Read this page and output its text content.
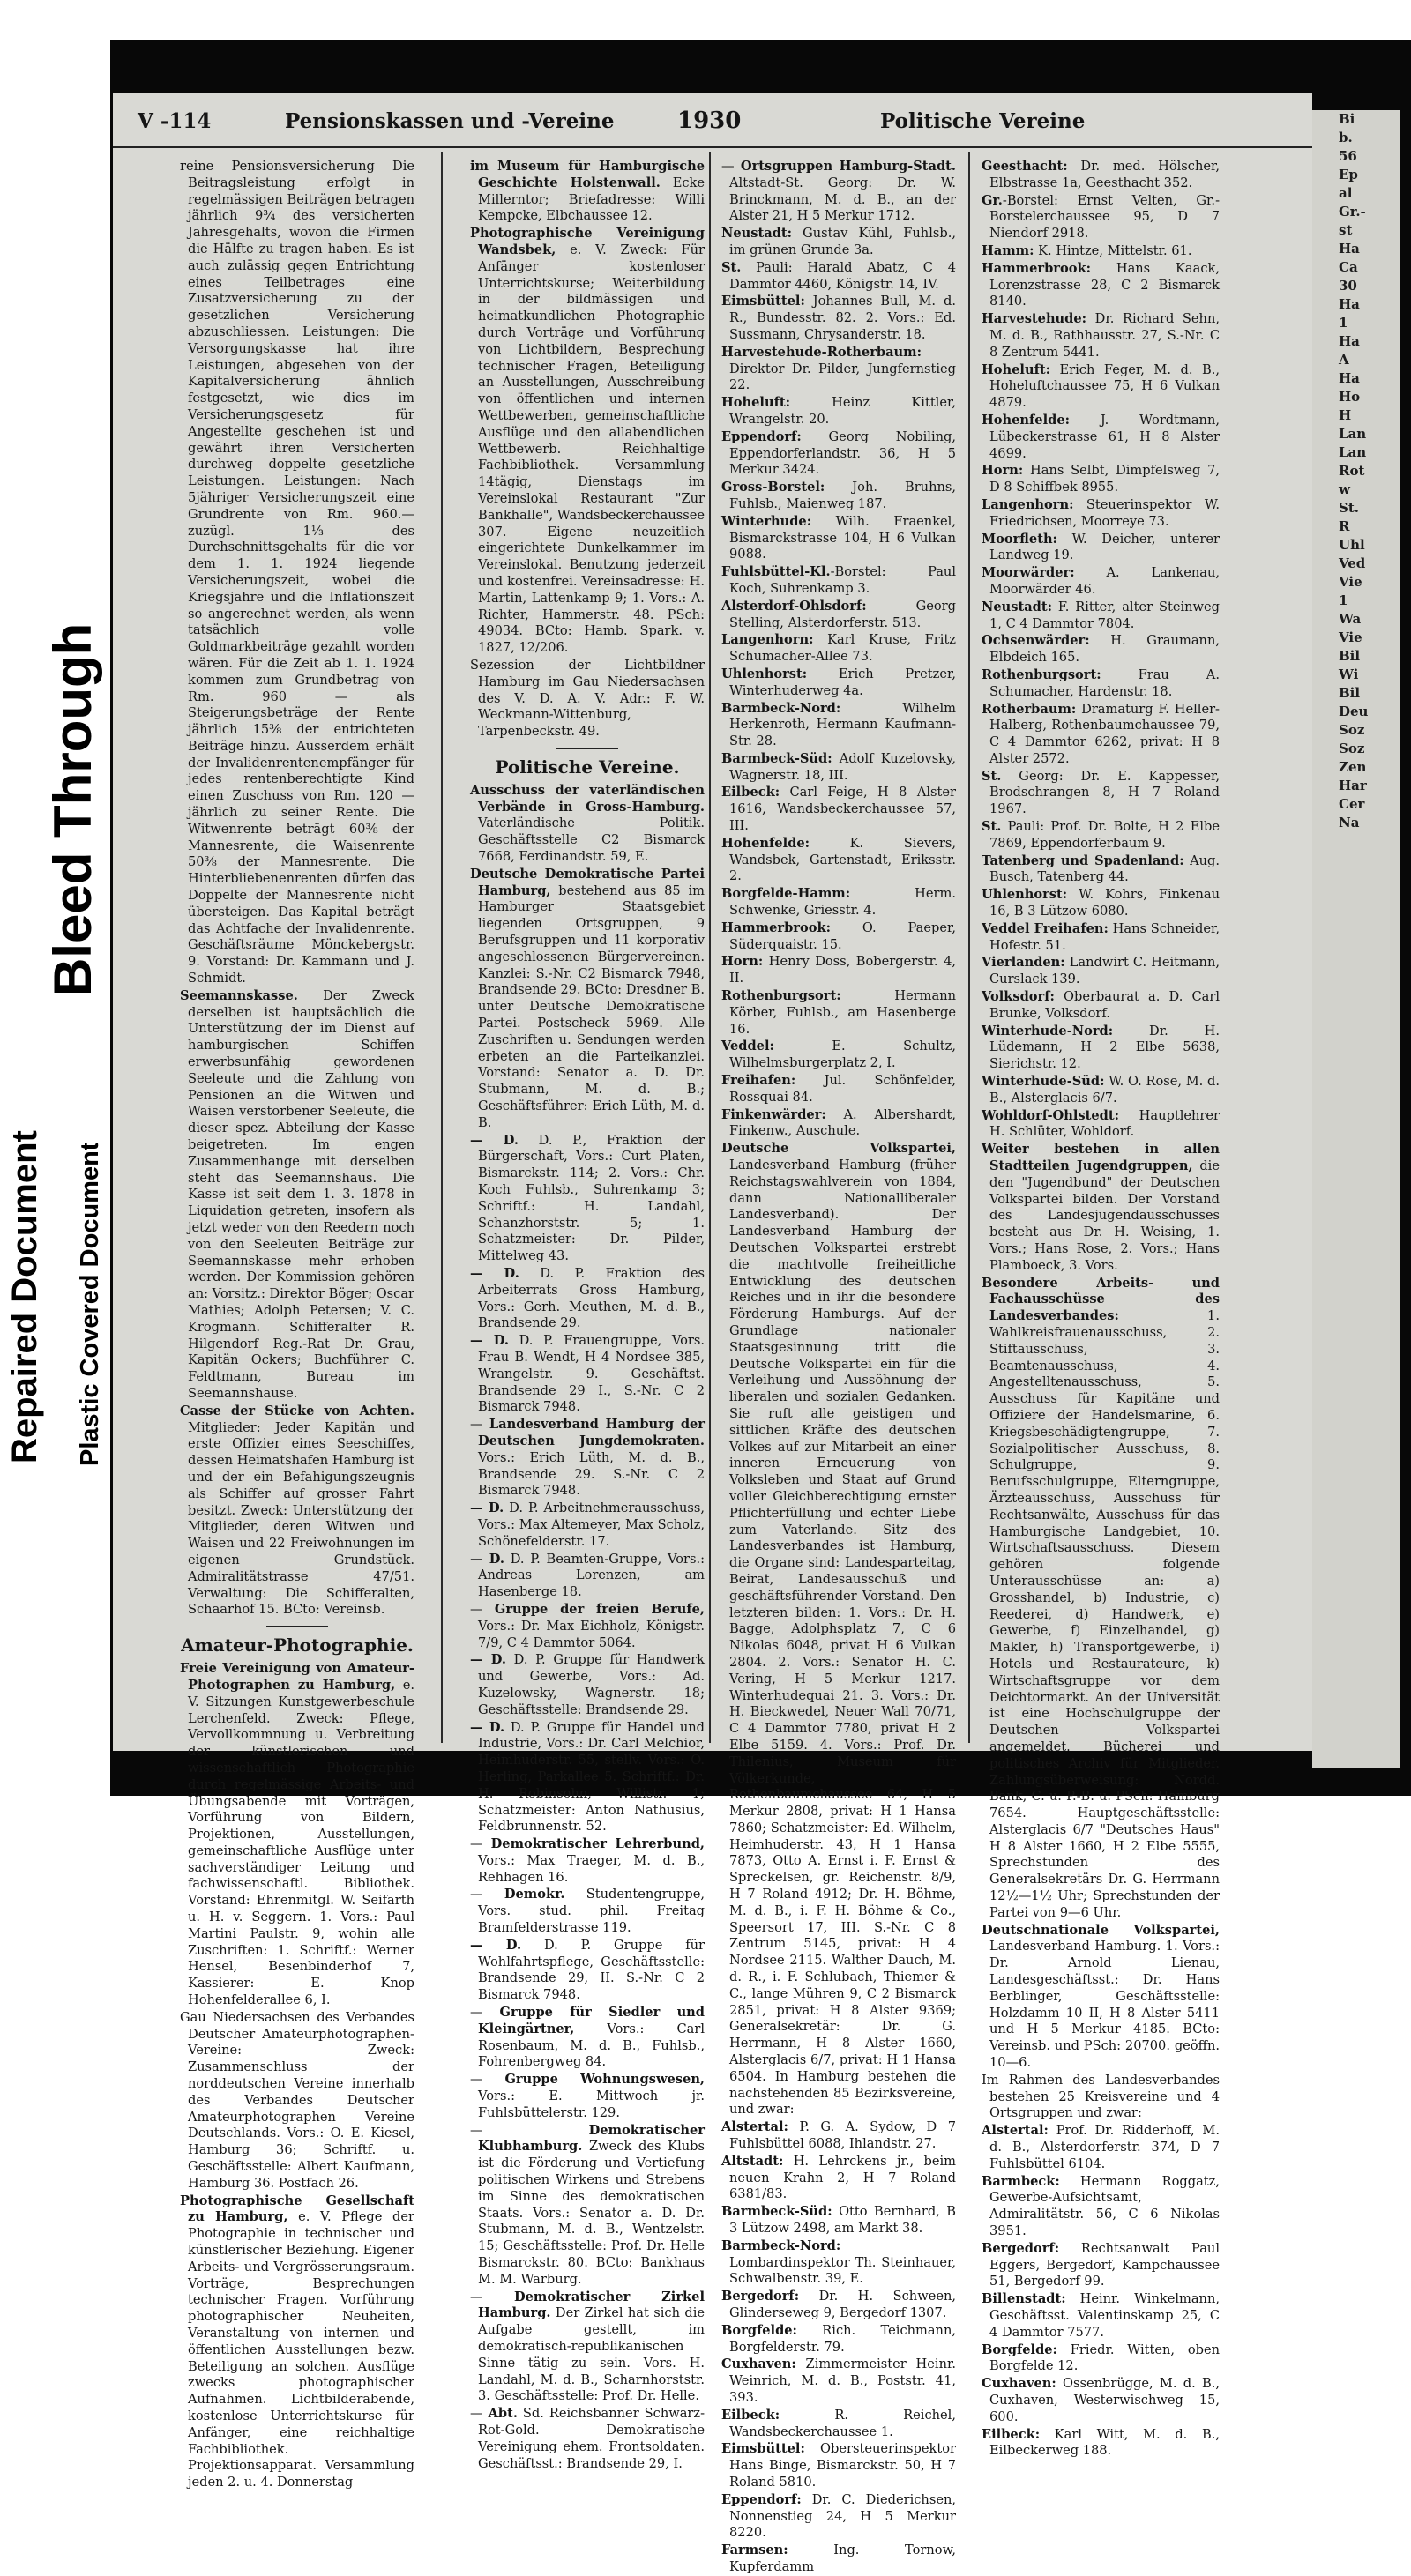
Bleed Through
Repaired Document Plastic Covered Document
V -114	Pensionskassen und -Vereine	1930	Politische Vereine
reine Pensionsversicherung Die Beitragsleistung erfolgt in regelmässigen Beiträgen betragen jährlich 9¾ des versicherten Jahresgehalts, wovon die Firmen die Hälfte zu tragen haben. Es ist auch zulässig gegen Entrichtung eines Teilbetrages eine Zusatzversicherung zu der gesetzlichen Versicherung abzuschliessen. Leistungen: Die Versorgungskasse hat ihre Leistungen, abgesehen von der Kapitalversicherung ähnlich festgesetzt, wie dies im Versicherungsgesetz für Angestellte geschehen ist und gewährt ihren Versicherten durchweg doppelte gesetzliche Leistungen. Leistungen: Nach 5jähriger Versicherungszeit eine Grundrente von Rm. 960.— zuzügl. 1⅓ des Durchschnittsgehalts für die vor dem 1. 1. 1924 liegende Versicherungszeit, wobei die Kriegsjahre und die Inflationszeit so angerechnet werden, als wenn tatsächlich volle Goldmarkbeiträge gezahlt worden wären. Für die Zeit ab 1. 1. 1924 kommen zum Grundbetrag von Rm. 960 — als Steigerungsbeträge der Rente jährlich 15⅜ der entrichteten Beiträge hinzu. Ausserdem erhält der Invalidenrentenempfänger für jedes rentenberechtigte Kind einen Zuschuss von Rm. 120 — jährlich zu seiner Rente. Die Witwenrente beträgt 60⅜ der Mannesrente, die Waisenrente 50⅜ der Mannesrente. Die Hinterbliebenenrenten dürfen das Doppelte der Mannesrente nicht übersteigen. Das Kapital beträgt das Achtfache der Invalidenrente. Geschäftsräume Mönckebergstr. 9. Vorstand: Dr. Kammann und J. Schmidt.
Seemannskasse. Der Zweck derselben ist hauptsächlich die Unterstützung der im Dienst auf hamburgischen Schiffen erwerbsunfähig gewordenen Seeleute und die Zahlung von Pensionen an die Witwen und Waisen verstorbener Seeleute, die dieser spez. Abteilung der Kasse beigetreten. Im engen Zusammenhange mit derselben steht das Seemannshaus. Die Kasse ist seit dem 1. 3. 1878 in Liquidation getreten, insofern als jetzt weder von den Reedern noch von den Seeleuten Beiträge zur Seemannskasse mehr erhoben werden. Der Kommission gehören an: Vorsitz.: Direktor Böger; Oscar Mathies; Adolph Petersen; V. C. Krogmann. Schifferalter R. Hilgendorf Reg.-Rat Dr. Grau, Kapitän Ockers; Buchführer C. Feldtmann, Bureau im Seemannshause.
Casse der Stücke von Achten. Mitglieder: Jeder Kapitän und erste Offizier eines Seeschiffes, dessen Heimatshafen Hamburg ist und der ein Befahigungszeugnis als Schiffer auf grosser Fahrt besitzt. Zweck: Unterstützung der Mitglieder, deren Witwen und Waisen und 22 Freiwohnungen im eigenen Grundstück. Admiralitätstrasse 47/51. Verwaltung: Die Schifferalten, Schaarhof 15. BCto: Vereinsb.
Amateur-Photographie.
Freie Vereinigung von Amateur-Photographen zu Hamburg, e. V. Sitzungen Kunstgewerbeschule Lerchenfeld. Zweck: Pflege, Vervollkommnung u. Verbreitung der künstlerischen und wissenschaftlich Photographie durch regelmässige Arbeits- und Übungsabende mit Vorträgen, Vorführung von Bildern, Projektionen, Ausstellungen, gemeinschaftliche Ausflüge unter sachverständiger Leitung und fachwissenschaftl. Bibliothek. Vorstand: Ehrenmitgl. W. Seifarth u. H. v. Seggern. 1. Vors.: Paul Martini Paulstr. 9, wohin alle Zuschriften: 1. Schriftf.: Werner Hensel, Besenbinderhof 7, Kassierer: E. Knop Hohenfelderallee 6, I.
Gau Niedersachsen des Verbandes Deutscher Amateurphotographen-Vereine: Zweck: Zusammenschluss der norddeutschen Vereine innerhalb des Verbandes Deutscher Amateurphotographen Vereine Deutschlands. Vors.: O. E. Kiesel, Hamburg 36; Schriftf. u. Geschäftsstelle: Albert Kaufmann, Hamburg 36. Postfach 26.
Photographische Gesellschaft zu Hamburg, e. V. Pflege der Photographie in technischer und künstlerischer Beziehung. Eigener Arbeits- und Vergrösserungsraum. Vorträge, Besprechungen technischer Fragen. Vorführung photographischer Neuheiten, Veranstaltung von internen und öffentlichen Ausstellungen bezw. Beteiligung an solchen. Ausflüge zwecks photographischer Aufnahmen. Lichtbilderabende, kostenlose Unterrichtskurse für Anfänger, eine reichhaltige Fachbibliothek. Projektionsapparat. Versammlung jeden 2. u. 4. Donnerstag
im Museum für Hamburgische Geschichte Holstenwall. Ecke Millerntor; Briefadresse: Willi Kempcke, Elbchaussee 12.
Photographische Vereinigung Wandsbek, e. V. Zweck: Für Anfänger kostenloser Unterrichtskurse; Weiterbildung in der bildmässigen und heimatkundlichen Photographie durch Vorträge und Vorführung von Lichtbildern, Besprechung technischer Fragen, Beteiligung an Ausstellungen, Ausschreibung von öffentlichen und internen Wettbewerben, gemeinschaftliche Ausflüge und den allabendlichen Wettbewerb. Reichhaltige Fachbibliothek. Versammlung 14tägig, Dienstags im Vereinslokal Restaurant "Zur Bankhalle", Wandsbeckerchaussee 307. Eigene neuzeitlich eingerichtete Dunkelkammer im Vereinslokal. Benutzung jederzeit und kostenfrei. Vereinsadresse: H. Martin, Lattenkamp 9; 1. Vors.: A. Richter, Hammerstr. 48. PSch: 49034. BCto: Hamb. Spark. v. 1827, 12/206.
Sezession der Lichtbildner Hamburg im Gau Niedersachsen des V. D. A. V. Adr.: F. W. Weckmann-Wittenburg, Tarpenbeckstr. 49.
Politische Vereine.
Ausschuss der vaterländischen Verbände in Gross-Hamburg. Vaterländische Politik. Geschäftsstelle C2 Bismarck 7668, Ferdinandstr. 59, E.
Deutsche Demokratische Partei Hamburg, bestehend aus 85 im Hamburger Staatsgebiet liegenden Ortsgruppen, 9 Berufsgruppen und 11 korporativ angeschlossenen Bürgervereinen. Kanzlei: S.-Nr. C2 Bismarck 7948, Brandsende 29. BCto: Dresdner B. unter Deutsche Demokratische Partei. Postscheck 5969. Alle Zuschriften u. Sendungen werden erbeten an die Parteikanzlei. Vorstand: Senator a. D. Dr. Stubmann, M. d. B.; Geschäftsführer: Erich Lüth, M. d. B.
— D. D. P., Fraktion der Bürgerschaft, Vors.: Curt Platen, Bismarckstr. 114; 2. Vors.: Chr. Koch Fuhlsb., Suhrenkamp 3; Schriftf.: H. Landahl, Schanzhorststr. 5; 1. Schatzmeister: Dr. Pilder, Mittelweg 43.
— D. D. P. Fraktion des Arbeiterrats Gross Hamburg, Vors.: Gerh. Meuthen, M. d. B., Brandsende 29.
— D. D. P. Frauengruppe, Vors. Frau B. Wendt, H 4 Nordsee 385, Wrangelstr. 9. Geschäftst. Brandsende 29 I., S.-Nr. C 2 Bismarck 7948.
— Landesverband Hamburg der Deutschen Jungdemokraten. Vors.: Erich Lüth, M. d. B., Brandsende 29. S.-Nr. C 2 Bismarck 7948.
— D. D. P. Arbeitnehmerausschuss, Vors.: Max Altemeyer, Max Scholz, Schönefelderstr. 17.
— D. D. P. Beamten-Gruppe, Vors.: Andreas Lorenzen, am Hasenberge 18.
— Gruppe der freien Berufe, Vors.: Dr. Max Eichholz, Königstr. 7/9, C 4 Dammtor 5064.
— D. D. P. Gruppe für Handwerk und Gewerbe, Vors.: Ad. Kuzelowsky, Wagnerstr. 18; Geschäftsstelle: Brandsende 29.
— D. D. P. Gruppe für Handel und Industrie, Vors.: Dr. Carl Melchior, Heimhuderstr. 55, stellv. Vors.: O. Herling, Parkallee 5. Schriftf.: Dr. H. Robinsohn, Willistr. 1; Schatzmeister: Anton Nathusius, Feldbrunnenstr. 52.
— Demokratischer Lehrerbund, Vors.: Max Traeger, M. d. B., Rehhagen 16.
— Demokr. Studentengruppe, Vors. stud. phil. Freitag Bramfelderstrasse 119.
— D. D. P. Gruppe für Wohlfahrtspflege, Geschäftsstelle: Brandsende 29, II. S.-Nr. C 2 Bismarck 7948.
— Gruppe für Siedler und Kleingärtner, Vors.: Carl Rosenbaum, M. d. B., Fuhlsb., Fohrenbergweg 84.
— Gruppe Wohnungswesen, Vors.: E. Mittwoch jr. Fuhlsbüttelerstr. 129.
— Demokratischer Klubhamburg. Zweck des Klubs ist die Förderung und Vertiefung politischen Wirkens und Strebens im Sinne des demokratischen Staats. Vors.: Senator a. D. Dr. Stubmann, M. d. B., Wentzelstr. 15; Geschäftsstelle: Prof. Dr. Helle Bismarckstr. 80. BCto: Bankhaus M. M. Warburg.
— Demokratischer Zirkel Hamburg. Der Zirkel hat sich die Aufgabe gestellt, im demokratisch-republikanischen Sinne tätig zu sein. Vors. H. Landahl, M. d. B., Scharnhorststr. 3. Geschäftsstelle: Prof. Dr. Helle.
— Abt. Sd. Reichsbanner Schwarz-Rot-Gold. Demokratische Vereinigung ehem. Frontsoldaten. Geschäftsst.: Brandsende 29, I.
— Ortsgruppen Hamburg-Stadt. Altstadt-St. Georg: Dr. W. Brinckmann, M. d. B., an der Alster 21, H 5 Merkur 1712.
Neustadt: Gustav Kühl, Fuhlsb., im grünen Grunde 3a.
St. Pauli: Harald Abatz, C 4 Dammtor 4460, Königstr. 14, IV.
Eimsbüttel: Johannes Bull, M. d. R., Bundesstr. 82. 2. Vors.: Ed. Sussmann, Chrysanderstr. 18.
Harvestehude-Rotherbaum: Direktor Dr. Pilder, Jungfernstieg 22.
Hoheluft: Heinz Kittler, Wrangelstr. 20.
Eppendorf: Georg Nobiling, Eppendorferlandstr. 36, H 5 Merkur 3424.
Gross-Borstel: Joh. Bruhns, Fuhlsb., Maienweg 187.
Winterhude: Wilh. Fraenkel, Bismarckstrasse 104, H 6 Vulkan 9088.
Fuhlsbüttel-Kl.-Borstel: Paul Koch, Suhrenkamp 3.
Alsterdorf-Ohlsdorf: Georg Stelling, Alsterdorferstr. 513.
Langenhorn: Karl Kruse, Fritz Schumacher-Allee 73.
Uhlenhorst: Erich Pretzer, Winterhuderweg 4a.
Barmbeck-Nord: Wilhelm Herkenroth, Hermann Kaufmann-Str. 28.
Barmbeck-Süd: Adolf Kuzelovsky, Wagnerstr. 18, III.
Eilbeck: Carl Feige, H 8 Alster 1616, Wandsbeckerchaussee 57, III.
Hohenfelde: K. Sievers, Wandsbek, Gartenstadt, Eriksstr. 2.
Borgfelde-Hamm: Herm. Schwenke, Griesstr. 4.
Hammerbrook: O. Paeper, Süderquaistr. 15.
Horn: Henry Doss, Bobergerstr. 4, II.
Rothenburgsort: Hermann Körber, Fuhlsb., am Hasenberge 16.
Veddel: E. Schultz, Wilhelmsburgerplatz 2, I.
Freihafen: Jul. Schönfelder, Rossquai 84.
Finkenwärder: A. Albershardt, Finkenw., Auschule.
Deutsche Volkspartei, Landesverband Hamburg (früher Reichstagswahlverein von 1884, dann Nationalliberaler Landesverband). Der Landesverband Hamburg der Deutschen Volkspartei erstrebt die machtvolle freiheitliche Entwicklung des deutschen Reiches und in ihr die besondere Förderung Hamburgs. Auf der Grundlage nationaler Staatsgesinnung tritt die Deutsche Volkspartei ein für die Verleihung und Aussöhnung der liberalen und sozialen Gedanken. Sie ruft alle geistigen und sittlichen Kräfte des deutschen Volkes auf zur Mitarbeit an einer inneren Erneuerung von Volksleben und Staat auf Grund voller Gleichberechtigung ernster Pflichterfüllung und echter Liebe zum Vaterlande. Sitz des Landesverbandes ist Hamburg, die Organe sind: Landesparteitag, Beirat, Landesausschuß und geschäftsführender Vorstand. Den letzteren bilden: 1. Vors.: Dr. H. Bagge, Adolphsplatz 7, C 6 Nikolas 6048, privat H 6 Vulkan 2804. 2. Vors.: Senator H. C. Vering, H 5 Merkur 1217. Winterhudequai 21. 3. Vors.: Dr. H. Bieckwedel, Neuer Wall 70/71, C 4 Dammtor 7780, privat H 2 Elbe 5159. 4. Vors.: Prof. Dr. Thilenius, Museum für Völkerkunde, Rothenbaumchaussee 64, H 5 Merkur 2808, privat: H 1 Hansa 7860; Schatzmeister: Ed. Wilhelm, Heimhuderstr. 43, H 1 Hansa 7873, Otto A. Ernst i. F. Ernst & Spreckelsen, gr. Reichenstr. 8/9, H 7 Roland 4912; Dr. H. Böhme, M. d. B., i. F. H. Böhme & Co., Speersort 17, III. S.-Nr. C 8 Zentrum 5145, privat: H 4 Nordsee 2115. Walther Dauch, M. d. R., i. F. Schlubach, Thiemer & C., lange Mühren 9, C 2 Bismarck 2851, privat: H 8 Alster 9369; Generalsekretär: Dr. G. Herrmann, H 8 Alster 1660, Alsterglacis 6/7, privat: H 1 Hansa 6504. In Hamburg bestehen die nachstehenden 85 Bezirksvereine, und zwar:
Alstertal: P. G. A. Sydow, D 7 Fuhlsbüttel 6088, Ihlandstr. 27.
Altstadt: H. Lehrckens jr., beim neuen Krahn 2, H 7 Roland 6381/83.
Barmbeck-Süd: Otto Bernhard, B 3 Lützow 2498, am Markt 38.
Barmbeck-Nord: Lombardinspektor Th. Steinhauer, Schwalbenstr. 39, E.
Bergedorf: Dr. H. Schween, Glinderseweg 9, Bergedorf 1307.
Borgfelde: Rich. Teichmann, Borgfelderstr. 79.
Cuxhaven: Zimmermeister Heinr. Weinrich, M. d. B., Poststr. 41, 393.
Eilbeck: R. Reichel, Wandsbeckerchaussee 1.
Eimsbüttel: Obersteuerinspektor Hans Binge, Bismarckstr. 50, H 7 Roland 5810.
Eppendorf: Dr. C. Diederichsen, Nonnenstieg 24, H 5 Merkur 8220.
Farmsen: Ing. Tornow, Kupferdamm
Geesthacht: Dr. med. Hölscher, Elbstrasse 1a, Geesthacht 352.
Gr.-Borstel: Ernst Velten, Gr.-Borstelerchaussee 95, D 7 Niendorf 2918.
Hamm: K. Hintze, Mittelstr. 61.
Hammerbrook: Hans Kaack, Lorenzstrasse 28, C 2 Bismarck 8140.
Harvestehude: Dr. Richard Sehn, M. d. B., Rathhausstr. 27, S.-Nr. C 8 Zentrum 5441.
Hoheluft: Erich Feger, M. d. B., Hoheluftchaussee 75, H 6 Vulkan 4879.
Hohenfelde: J. Wordtmann, Lübeckerstrasse 61, H 8 Alster 4699.
Horn: Hans Selbt, Dimpfelsweg 7, D 8 Schiffbek 8955.
Langenhorn: Steuerinspektor W. Friedrichsen, Moorreye 73.
Moorfleth: W. Deicher, unterer Landweg 19.
Moorwärder: A. Lankenau, Moorwärder 46.
Neustadt: F. Ritter, alter Steinweg 1, C 4 Dammtor 7804.
Ochsenwärder: H. Graumann, Elbdeich 165.
Rothenburgsort: Frau A. Schumacher, Hardenstr. 18.
Rotherbaum: Dramaturg F. Heller-Halberg, Rothenbaumchaussee 79, C 4 Dammtor 6262, privat: H 8 Alster 2572.
St. Georg: Dr. E. Kappesser, Brodschrangen 8, H 7 Roland 1967.
St. Pauli: Prof. Dr. Bolte, H 2 Elbe 7869, Eppendorferbaum 9.
Tatenberg und Spadenland: Aug. Busch, Tatenberg 44.
Uhlenhorst: W. Kohrs, Finkenau 16, B 3 Lützow 6080.
Veddel Freihafen: Hans Schneider, Hofestr. 51.
Vierlanden: Landwirt C. Heitmann, Curslack 139.
Volksdorf: Oberbaurat a. D. Carl Brunke, Volksdorf.
Winterhude-Nord: Dr. H. Lüdemann, H 2 Elbe 5638, Sierichstr. 12.
Winterhude-Süd: W. O. Rose, M. d. B., Alsterglacis 6/7.
Wohldorf-Ohlstedt: Hauptlehrer H. Schlüter, Wohldorf.
Weiter bestehen in allen Stadtteilen Jugendgruppen, die den "Jugendbund" der Deutschen Volkspartei bilden. Der Vorstand des Landesjugendausschusses besteht aus Dr. H. Weising, 1. Vors.; Hans Rose, 2. Vors.; Hans Plamboeck, 3. Vors.
Besondere Arbeits- und Fachausschüsse des Landesverbandes: 1. Wahlkreisfrauenausschuss, 2. Stiftausschuss, 3. Beamtenausschuss, 4. Angestelltenausschuss, 5. Ausschuss für Kapitäne und Offiziere der Handelsmarine, 6. Kriegsbeschädigtengruppe, 7. Sozialpolitischer Ausschuss, 8. Schulgruppe, 9. Berufsschulgruppe, Elterngruppe, Ärzteausschuss, Ausschuss für Rechtsanwälte, Ausschuss für das Hamburgische Landgebiet, 10. Wirtschaftsausschuss. Diesem gehören folgende Unterausschüsse an: a) Grosshandel, b) Industrie, c) Reederei, d) Handwerk, e) Gewerbe, f) Einzelhandel, g) Makler, h) Transportgewerbe, i) Hotels und Restaurateure, k) Wirtschaftsgruppe vor dem Deichtormarkt. An der Universität ist eine Hochschulgruppe der Deutschen Volkspartei angemeldet. Bücherei und politisches Archiv für Mitglieder. Zahlungsüberweisung: Nordd. Bank, C. u. P.-B. u. PSch: Hamburg 7654. Hauptgeschäftsstelle: Alsterglacis 6/7 "Deutsches Haus" H 8 Alster 1660, H 2 Elbe 5555, Sprechstunden des Generalsekretärs Dr. G. Herrmann 12½—1½ Uhr; Sprechstunden der Partei von 9—6 Uhr.
Deutschnationale Volkspartei, Landesverband Hamburg. 1. Vors.: Dr. Arnold Lienau, Landesgeschäftsst.: Dr. Hans Berblinger, Geschäftsstelle: Holzdamm 10 II, H 8 Alster 5411 und H 5 Merkur 4185. BCto: Vereinsb. und PSch: 20700. geöffn. 10—6.
Im Rahmen des Landesverbandes bestehen 25 Kreisvereine und 4 Ortsgruppen und zwar:
Alstertal: Prof. Dr. Ridderhoff, M. d. B., Alsterdorferstr. 374, D 7 Fuhlsbüttel 6104.
Barmbeck: Hermann Roggatz, Gewerbe-Aufsichtsamt, Admiralitätstr. 56, C 6 Nikolas 3951.
Bergedorf: Rechtsanwalt Paul Eggers, Bergedorf, Kampchaussee 51, Bergedorf 99.
Billenstadt: Heinr. Winkelmann, Geschäftsst. Valentinskamp 25, C 4 Dammtor 7577.
Borgfelde: Friedr. Witten, oben Borgfelde 12.
Cuxhaven: Ossenbrügge, M. d. B., Cuxhaven, Westerwischweg 15, 600.
Eilbeck: Karl Witt, M. d. B., Eilbeckerweg 188.
Bi
b.
56
Ep
al
Gr.-
st
Ha
Ca
30
Ha
1
Ha
A
Ha
Ho
H
Lan
Lan
Rot
w
St.
R
Uhl
Ved
Vie
1
Wa
Vie
Bil
Wi
Bil
Deu
Soz
Soz
Zen
Har
Cer
Na
